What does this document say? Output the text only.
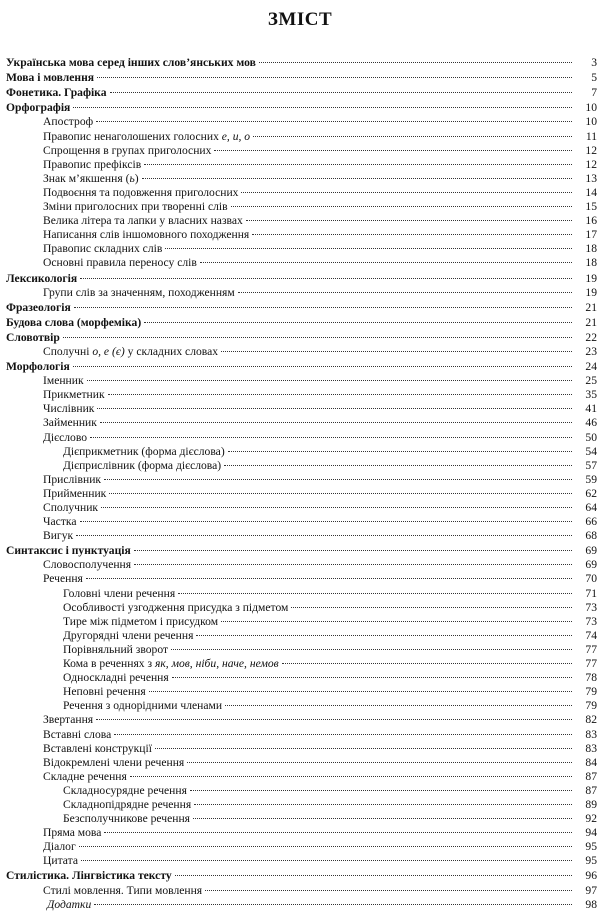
ЗМІСТ
Українська мова серед інших слов’янських мов	3
Мова і мовлення	5
Фонетика. Графіка	7
Орфографія	10
Апостроф	10
Правопис ненаголошених голосних е, и, о	11
Спрощення в групах приголосних	12
Правопис префіксів	12
Знак м’якшення (ь)	13
Подвоєння та подовження приголосних	14
Зміни приголосних при творенні слів	15
Велика літера та лапки у власних назвах	16
Написання слів іншомовного походження	17
Правопис складних слів	18
Основні правила переносу слів	18
Лексикологія	19
Групи слів за значенням, походженням	19
Фразеологія	21
Будова слова (морфеміка)	21
Словотвір	22
Сполучні о, е (є) у складних словах	23
Морфологія	24
Іменник	25
Прикметник	35
Числівник	41
Займенник	46
Дієслово	50
Дієприкметник (форма дієслова)	54
Дієприслівник (форма дієслова)	57
Прислівник	59
Прийменник	62
Сполучник	64
Частка	66
Вигук	68
Синтаксис і пунктуація	69
Словосполучення	69
Речення	70
Головні члени речення	71
Особливості узгодження присудка з підметом	73
Тире між підметом і присудком	73
Другорядні члени речення	74
Порівняльний зворот	77
Кома в реченнях з як, мов, ніби, наче, немов	77
Односкладні речення	78
Неповні речення	79
Речення з однорідними членами	79
Звертання	82
Вставні слова	83
Вставлені конструкції	83
Відокремлені члени речення	84
Складне речення	87
Складносурядне речення	87
Складнопідрядне речення	89
Безсполучникове речення	92
Пряма мова	94
Діалог	95
Цитата	95
Стилістика. Лінгвістика тексту	96
Стилі мовлення. Типи мовлення	97
Додатки	98
